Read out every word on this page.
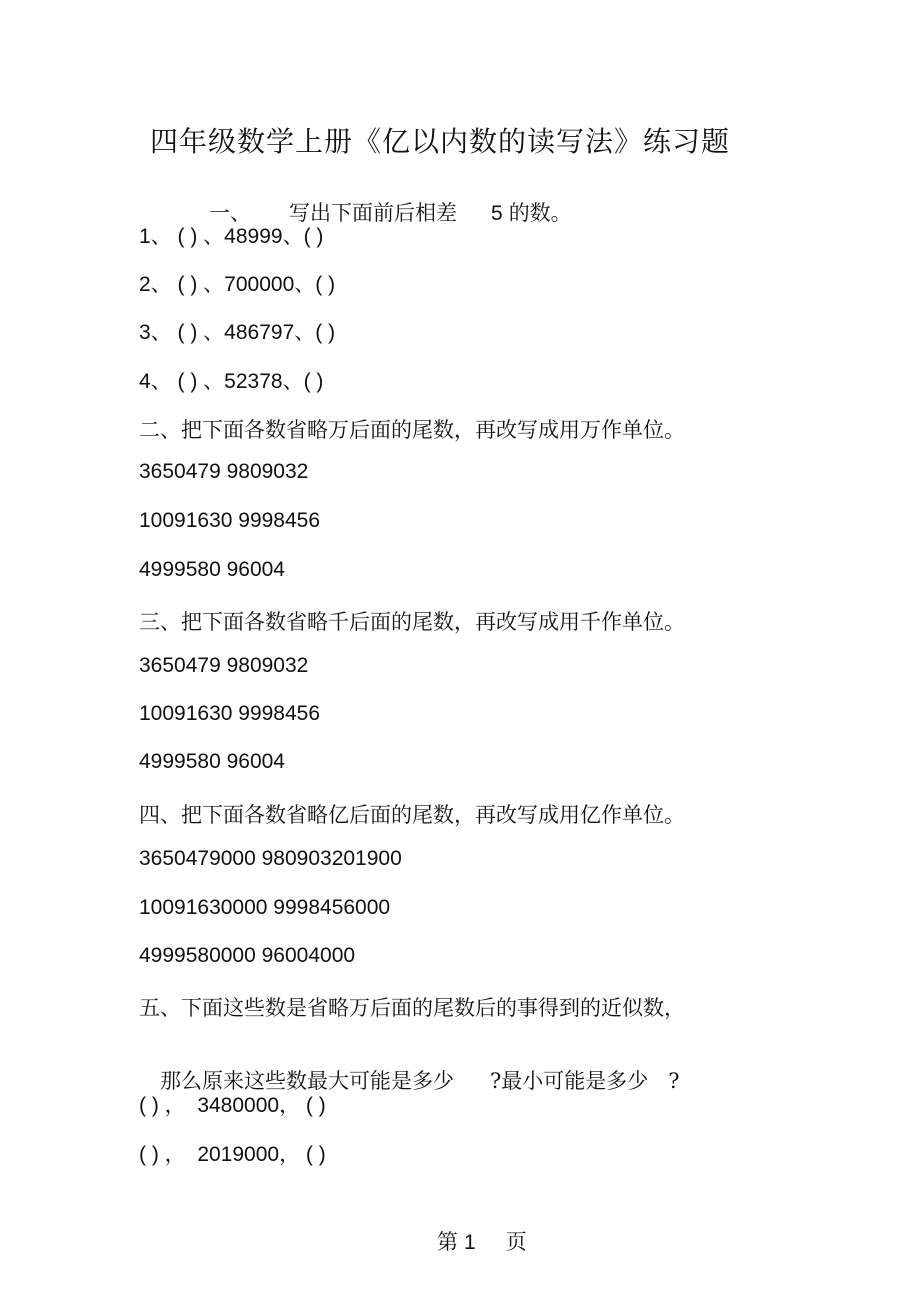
四年级数学上册《亿以内数的读写法》练习题

一、 写出下面前后相差 5 的数。

1、 ( ) 、48999、( )
2、 ( ) 、700000、( )
3、 ( ) 、486797、( )
4、 ( ) 、52378、( )
二、把下面各数省略万后面的尾数，再改写成用万作单位。
3650479 9809032
10091630 9998456
4999580 96004
三、把下面各数省略千后面的尾数，再改写成用千作单位。
3650479 9809032
10091630 9998456
4999580 96004
四、把下面各数省略亿后面的尾数，再改写成用亿作单位。
3650479000 980903201900
10091630000 9998456000
4999580000 96004000
五、下面这些数是省略万后面的尾数后的事得到的近似数，

那么原来这些数最大可能是多少 ?最小可能是多少 ?

( ) ，  3480000， ( )
( ) ，  2019000， ( )

第 1 页
